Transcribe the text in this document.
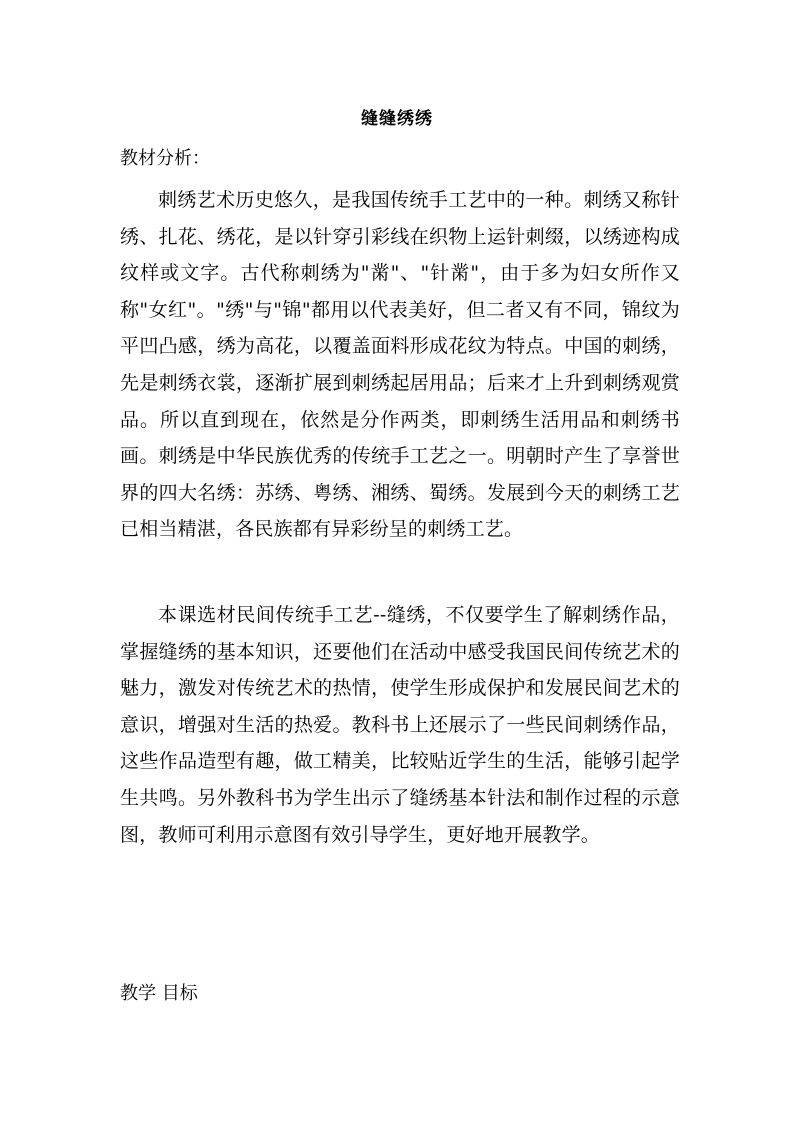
缝缝绣绣
教材分析：

刺绣艺术历史悠久，是我国传统手工艺中的一种。刺绣又称针绣、扎花、绣花，是以针穿引彩线在织物上运针刺缀，以绣迹构成纹样或文字。古代称刺绣为"黹"、"针黹"，由于多为妇女所作又称"女红"。"绣"与"锦"都用以代表美好，但二者又有不同，锦纹为平凹凸感，绣为高花，以覆盖面料形成花纹为特点。中国的刺绣，先是刺绣衣裳，逐渐扩展到刺绣起居用品；后来才上升到刺绣观赏品。所以直到现在，依然是分作两类，即刺绣生活用品和刺绣书画。刺绣是中华民族优秀的传统手工艺之一。明朝时产生了享誉世界的四大名绣：苏绣、粤绣、湘绣、蜀绣。发展到今天的刺绣工艺已相当精湛，各民族都有异彩纷呈的刺绣工艺。

本课选材民间传统手工艺--缝绣，不仅要学生了解刺绣作品，掌握缝绣的基本知识，还要他们在活动中感受我国民间传统艺术的魅力，激发对传统艺术的热情，使学生形成保护和发展民间艺术的意识，增强对生活的热爱。教科书上还展示了一些民间刺绣作品，这些作品造型有趣，做工精美，比较贴近学生的生活，能够引起学生共鸣。另外教科书为学生出示了缝绣基本针法和制作过程的示意图，教师可利用示意图有效引导学生，更好地开展教学。

教学 目标
